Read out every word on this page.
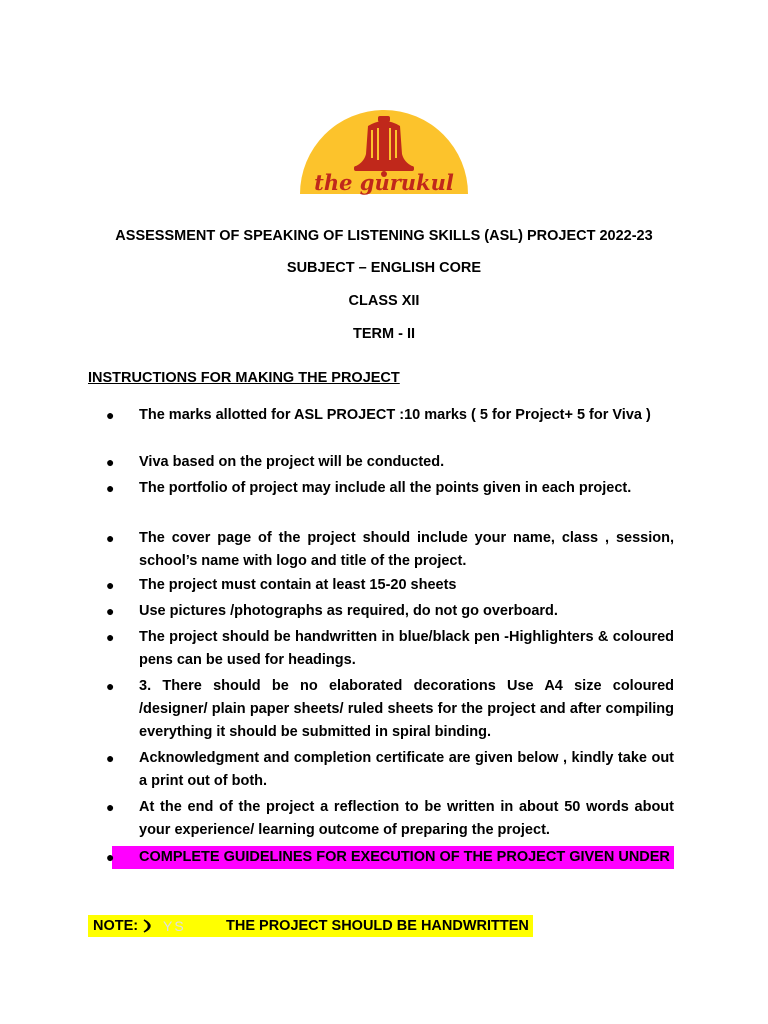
the gurukul
ASSESSMENT OF SPEAKING OF LISTENING SKILLS (ASL) PROJECT 2022-23
SUBJECT – ENGLISH CORE
CLASS XII
TERM - II
INSTRUCTIONS FOR MAKING THE PROJECT
●	The marks allotted for ASL PROJECT :10 marks ( 5 for Project+ 5 for Viva )
●	Viva based on the project will be conducted.
●	The portfolio of project may include all the points given in each project.
●	The cover page of the project should include your name, class , session, school’s name with logo and title of the project.
●	The project must contain at least 15-20 sheets
●	Use pictures /photographs as required, do not go overboard.
●	The project should be handwritten in blue/black pen -Highlighters & coloured pens can be used for headings.
●	3. There should be no elaborated decorations Use A4 size coloured /designer/ plain paper sheets/ ruled sheets for the project and after compiling everything it should be submitted in spiral binding.
●	Acknowledgment and completion certificate are given below , kindly take out a print out of both.
●	At the end of the project a reflection to be written in about 50 words about your experience/ learning outcome of preparing the project.
●	COMPLETE GUIDELINES FOR EXECUTION OF THE PROJECT GIVEN UNDER
NOTE: YS	THE PROJECT SHOULD BE HANDWRITTEN
